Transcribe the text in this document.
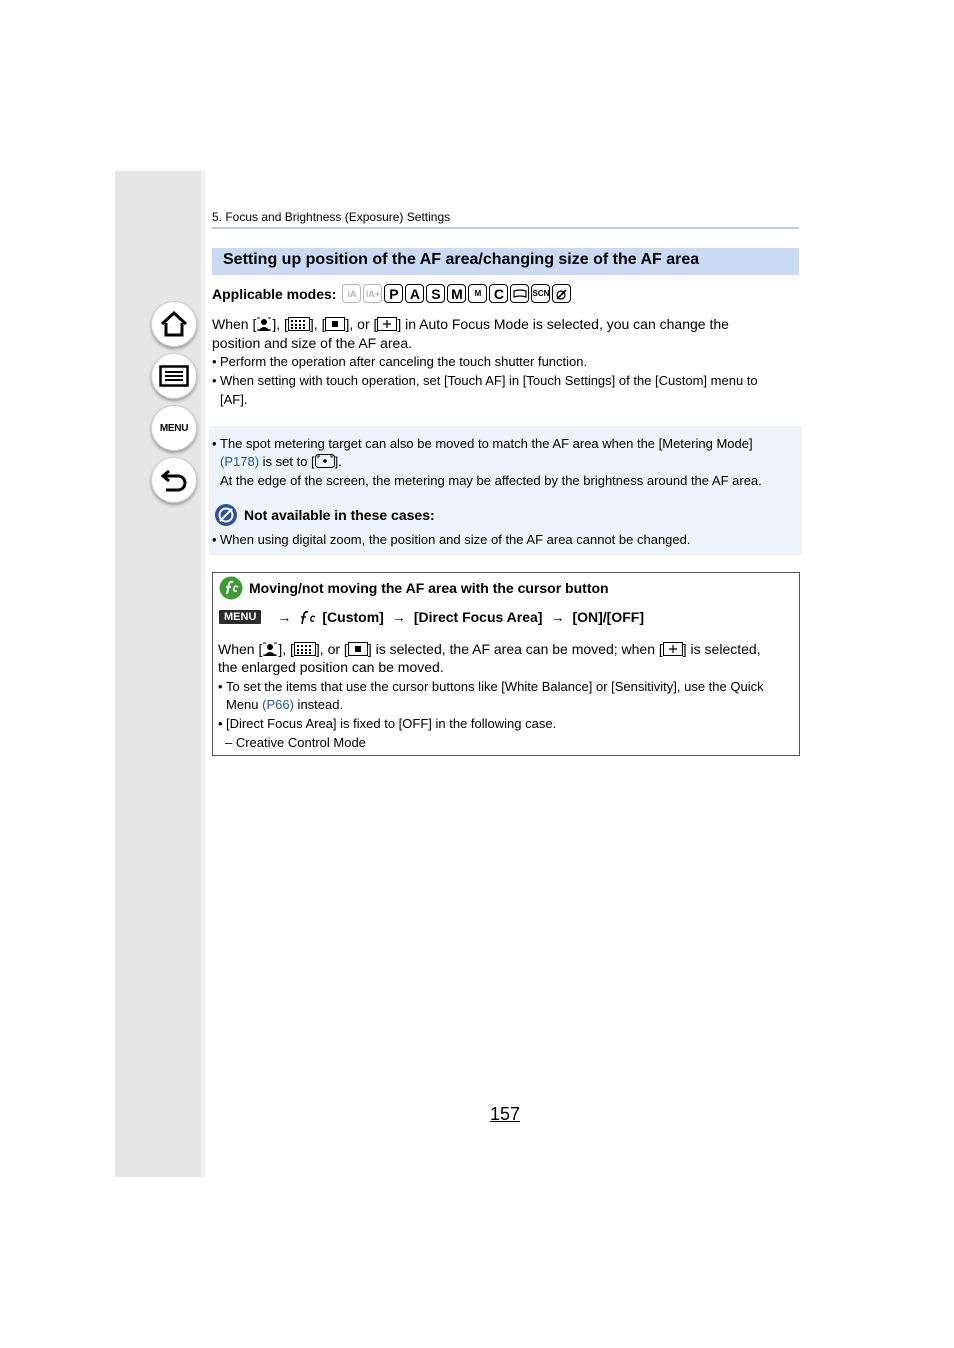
MENU
5. Focus and Brightness (Exposure) Settings
Setting up position of the AF area/changing size of the AF area
Applicable modes:	iA	iA+ P A S M	M C	SCN
When [ ], [ ], [ ], or [ ] in Auto Focus Mode is selected, you can change the
position and size of the AF area.
• Perform the operation after canceling the touch shutter function.
• When setting with touch operation, set [Touch AF] in [Touch Settings] of the [Custom] menu to
[AF].
• The spot metering target can also be moved to match the AF area when the [Metering Mode]
(P178) is set to [ ].
At the edge of the screen, the metering may be affected by the brightness around the AF area.
Not available in these cases:
• When using digital zoom, the position and size of the AF area cannot be changed.
Moving/not moving the AF area with the cursor button
MENU	→ [Custom] → [Direct Focus Area] → [ON]/[OFF]
When [ ], [ ], or [ ] is selected, the AF area can be moved; when [ ] is selected,
the enlarged position can be moved.
• To set the items that use the cursor buttons like [White Balance] or [Sensitivity], use the Quick
Menu (P66) instead.
• [Direct Focus Area] is fixed to [OFF] in the following case.
– Creative Control Mode
157
